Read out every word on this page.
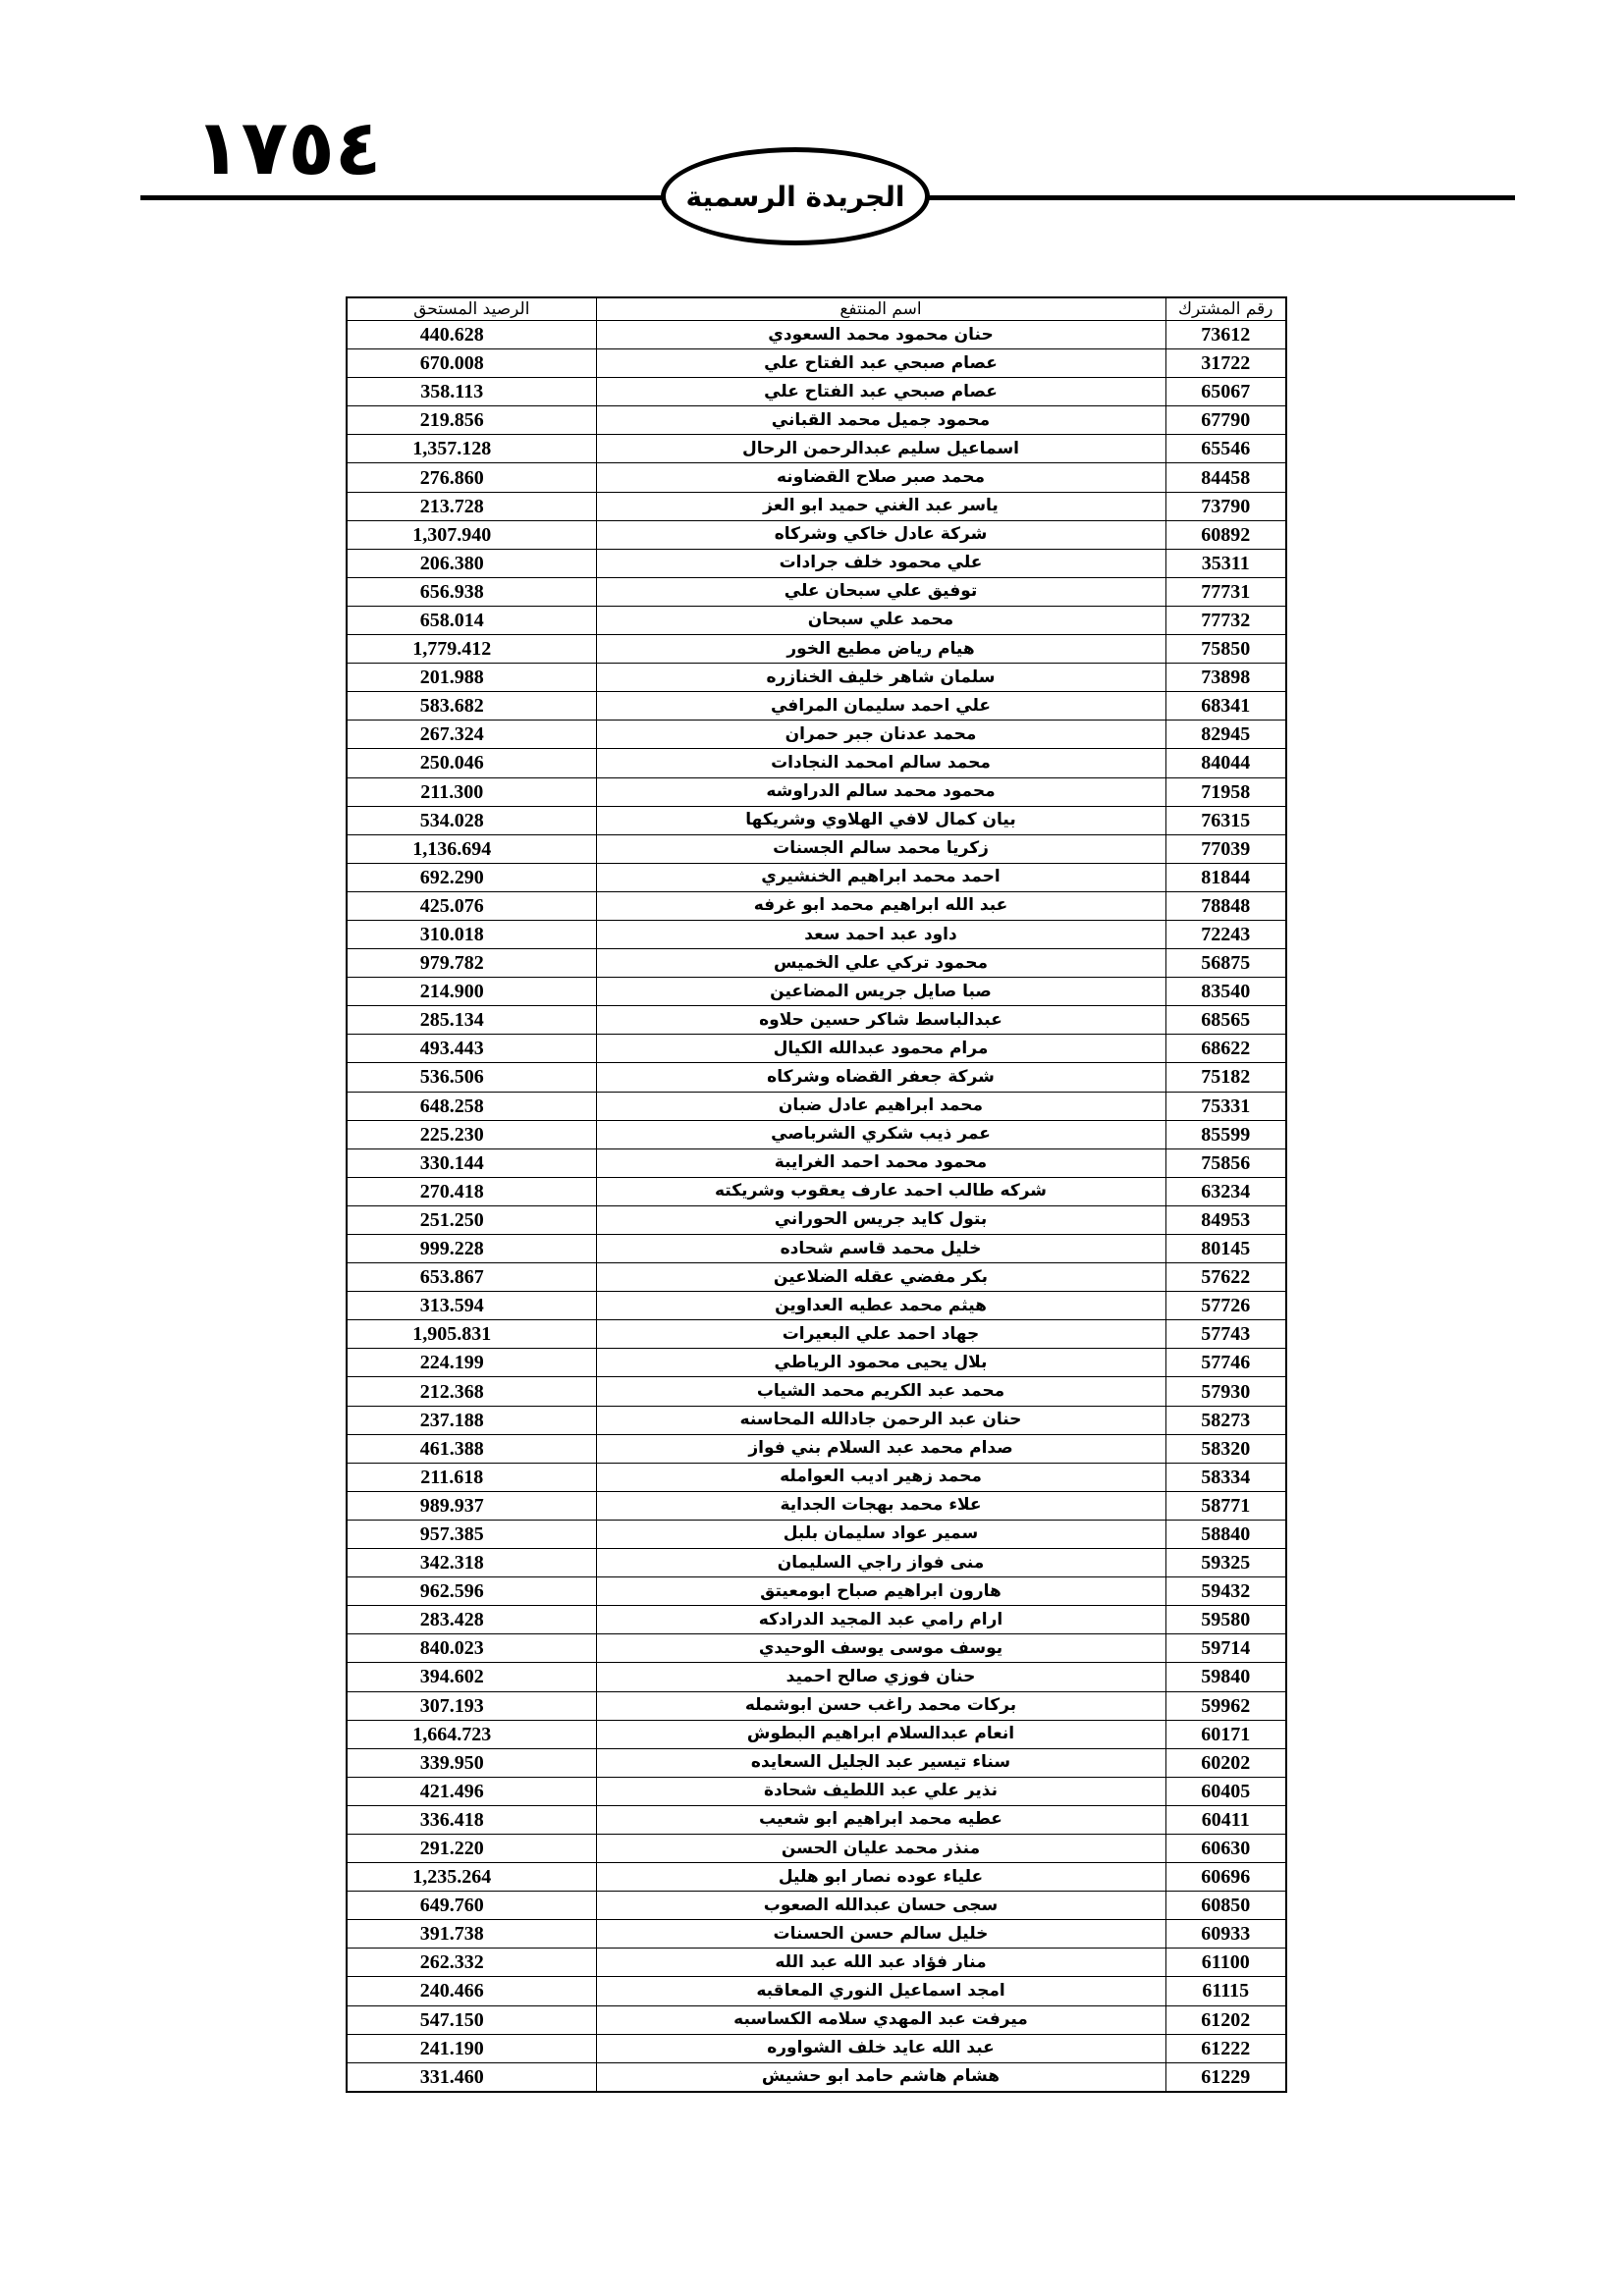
١٧٥٤
الجريدة الرسمية
الرصيد المستحق	اسم المنتفع	رقم المشترك
440.628	حنان محمود محمد السعودي	73612
670.008	عصام صبحي عبد الفتاح علي	31722
358.113	عصام صبحي عبد الفتاح علي	65067
219.856	محمود جميل محمد القباني	67790
1,357.128	اسماعيل سليم عبدالرحمن الرحال	65546
276.860	محمد صبر صلاح القضاونه	84458
213.728	ياسر عبد الغني حميد ابو العز	73790
1,307.940	شركة عادل خاكي وشركاه	60892
206.380	علي محمود خلف جرادات	35311
656.938	توفيق علي سبحان علي	77731
658.014	محمد علي سبحان	77732
1,779.412	هيام رياض مطيع الخور	75850
201.988	سلمان شاهر خليف الخنازره	73898
583.682	علي احمد سليمان المرافي	68341
267.324	محمد عدنان جبر حمران	82945
250.046	محمد سالم امحمد النجادات	84044
211.300	محمود محمد سالم الدراوشه	71958
534.028	بيان كمال لافي الهلاوي وشريكها	76315
1,136.694	زكريا محمد سالم الجسنات	77039
692.290	احمد محمد ابراهيم الخنشيري	81844
425.076	عبد الله ابراهيم محمد ابو غرفه	78848
310.018	داود عبد احمد سعد	72243
979.782	محمود تركي علي الخميس	56875
214.900	صبا صايل جريس المضاعين	83540
285.134	عبدالباسط شاكر حسين حلاوه	68565
493.443	مرام محمود عبدالله الكيال	68622
536.506	شركة جعفر القضاه وشركاه	75182
648.258	محمد ابراهيم عادل ضبان	75331
225.230	عمر ذيب شكري الشرباصي	85599
330.144	محمود محمد احمد الغرايبة	75856
270.418	شركه طالب احمد عارف يعقوب وشريكته	63234
251.250	بتول كايد جريس الحوراني	84953
999.228	خليل محمد قاسم شحاده	80145
653.867	بكر مفضي عقله الضلاعين	57622
313.594	هيثم محمد عطيه العداوين	57726
1,905.831	جهاد احمد علي البعيرات	57743
224.199	بلال يحيى محمود الرياطي	57746
212.368	محمد عبد الكريم محمد الشياب	57930
237.188	حنان عبد الرحمن جادالله المحاسنه	58273
461.388	صدام محمد عبد السلام بني فواز	58320
211.618	محمد زهير اديب العوامله	58334
989.937	علاء محمد بهجات الجداية	58771
957.385	سمير عواد سليمان بلبل	58840
342.318	منى فواز راجي السليمان	59325
962.596	هارون ابراهيم صباح ابومعيتق	59432
283.428	ارام رامي عبد المجيد الدرادكه	59580
840.023	يوسف موسى يوسف الوحيدي	59714
394.602	حنان فوزي صالح احميد	59840
307.193	بركات محمد راغب حسن ابوشمله	59962
1,664.723	انعام عبدالسلام ابراهيم البطوش	60171
339.950	سناء تيسير عبد الجليل السعايده	60202
421.496	نذير علي عبد اللطيف شحادة	60405
336.418	عطيه محمد ابراهيم ابو شعيب	60411
291.220	منذر محمد عليان الحسن	60630
1,235.264	علياء عوده نصار ابو هليل	60696
649.760	سجى حسان عبدالله الصعوب	60850
391.738	خليل سالم حسن الحسنات	60933
262.332	منار فؤاد عبد الله عبد الله	61100
240.466	امجد اسماعيل النوري المعاقبه	61115
547.150	ميرفت عبد المهدي سلامه الكساسبه	61202
241.190	عبد الله عايد خلف الشواوره	61222
331.460	هشام هاشم حامد ابو حشيش	61229
